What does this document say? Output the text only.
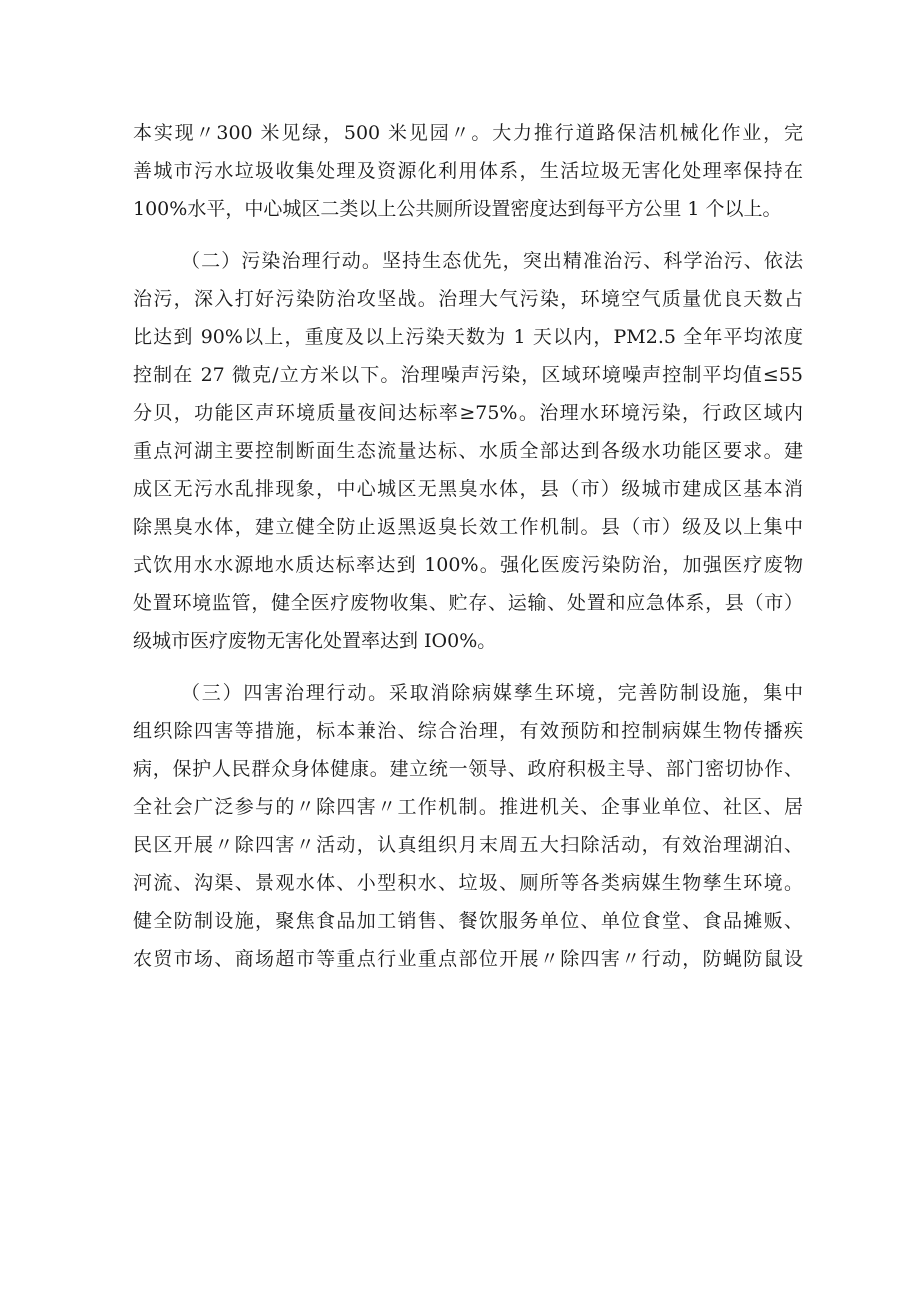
本实现〃300 米见绿，500 米见园〃。大力推行道路保洁机械化作业，完
善城市污水垃圾收集处理及资源化利用体系，生活垃圾无害化处理率保持在
100%水平，中心城区二类以上公共厕所设置密度达到每平方公里 1 个以上。
（二）污染治理行动。坚持生态优先，突出精准治污、科学治污、依法
治污，深入打好污染防治攻坚战。治理大气污染，环境空气质量优良天数占
比达到 90%以上，重度及以上污染天数为 1 天以内，PM2.5 全年平均浓度
控制在 27 微克/立方米以下。治理噪声污染，区域环境噪声控制平均值≤55
分贝，功能区声环境质量夜间达标率≥75%。治理水环境污染，行政区域内
重点河湖主要控制断面生态流量达标、水质全部达到各级水功能区要求。建
成区无污水乱排现象，中心城区无黑臭水体，县（市）级城市建成区基本消
除黑臭水体，建立健全防止返黑返臭长效工作机制。县（市）级及以上集中
式饮用水水源地水质达标率达到 100%。强化医废污染防治，加强医疗废物
处置环境监管，健全医疗废物收集、贮存、运输、处置和应急体系，县（市）
级城市医疗废物无害化处置率达到 IO0%。
（三）四害治理行动。采取消除病媒孳生环境，完善防制设施，集中
组织除四害等措施，标本兼治、综合治理，有效预防和控制病媒生物传播疾
病，保护人民群众身体健康。建立统一领导、政府积极主导、部门密切协作、
全社会广泛参与的〃除四害〃工作机制。推进机关、企事业单位、社区、居
民区开展〃除四害〃活动，认真组织月末周五大扫除活动，有效治理湖泊、
河流、沟渠、景观水体、小型积水、垃圾、厕所等各类病媒生物孳生环境。
健全防制设施，聚焦食品加工销售、餐饮服务单位、单位食堂、食品摊贩、
农贸市场、商场超市等重点行业重点部位开展〃除四害〃行动，防蝇防鼠设
